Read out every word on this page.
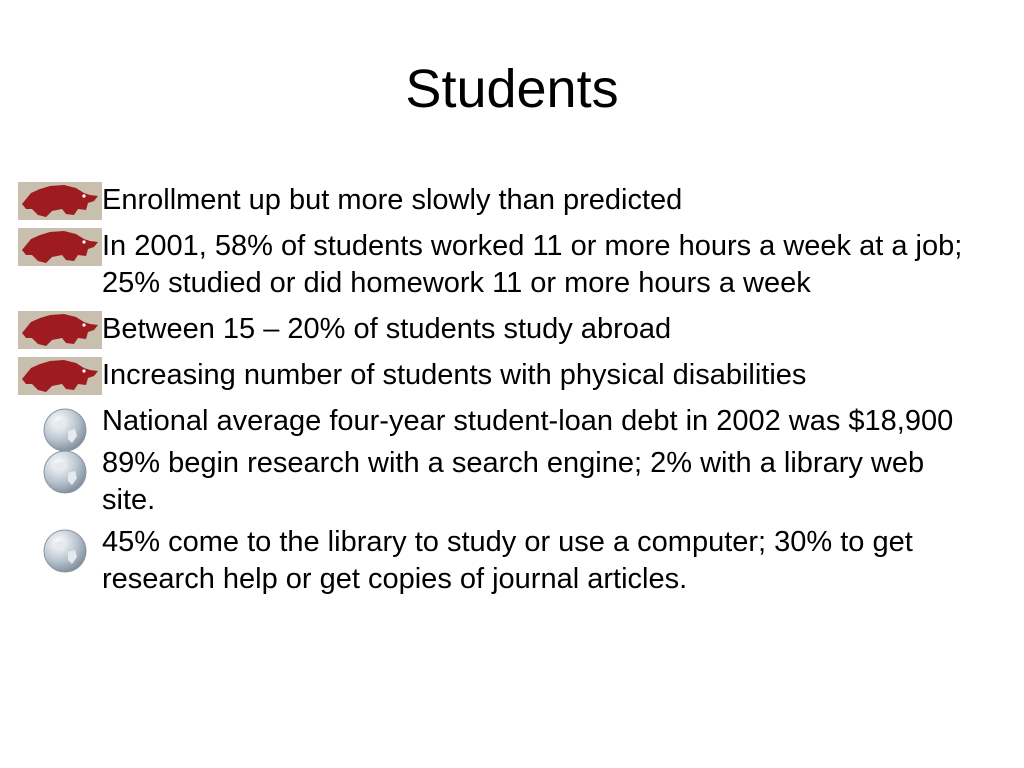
Students
Enrollment up but more slowly than predicted
In 2001, 58% of students worked 11 or more hours a week at a job; 25% studied or did homework 11 or more hours a week
Between 15 – 20% of students study abroad
Increasing number of students with physical disabilities
National average four-year student-loan debt in 2002 was $18,900
89% begin research with a search engine; 2% with a library web site.
45% come to the library to study or use a computer; 30% to get research help or get copies of journal articles.
